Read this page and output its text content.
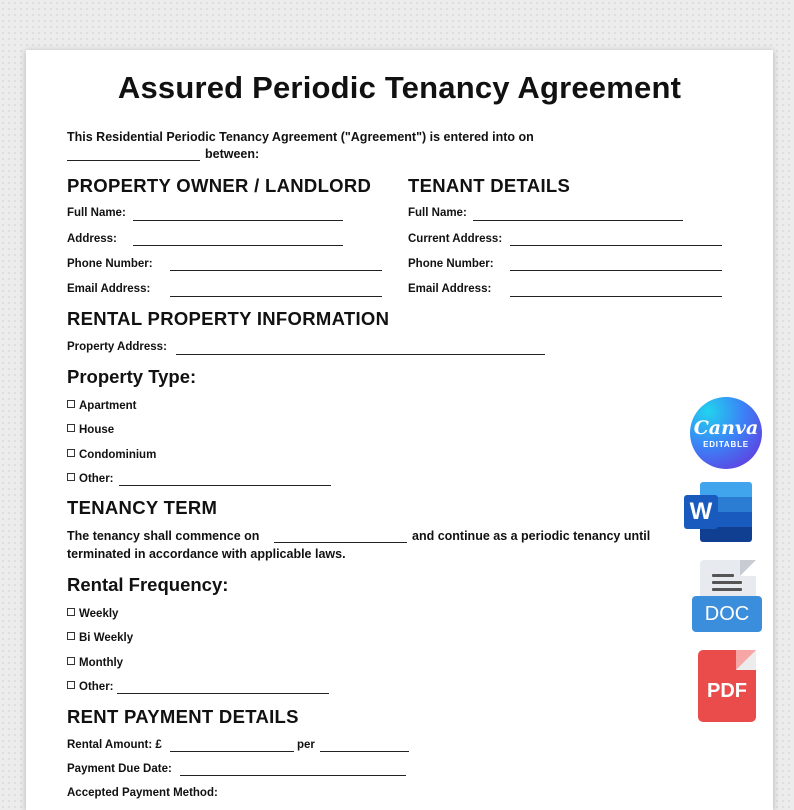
Assured Periodic Tenancy Agreement
This Residential Periodic Tenancy Agreement ("Agreement") is entered into on
between:
PROPERTY OWNER / LANDLORD
Full Name:
Address:
Phone Number:
Email Address:
TENANT DETAILS
Full Name:
Current Address:
Phone Number:
Email Address:
RENTAL PROPERTY INFORMATION
Property Address:
Property Type:
Apartment
House
Condominium
Other:
TENANCY TERM
The tenancy shall commence on	and continue as a periodic tenancy until
terminated in accordance with applicable laws.
Rental Frequency:
Weekly
Bi Weekly
Monthly
Other:
RENT PAYMENT DETAILS
Rental Amount: £	per
Payment Due Date:
Accepted Payment Method:
Canva
EDITABLE
W
DOC
PDF
